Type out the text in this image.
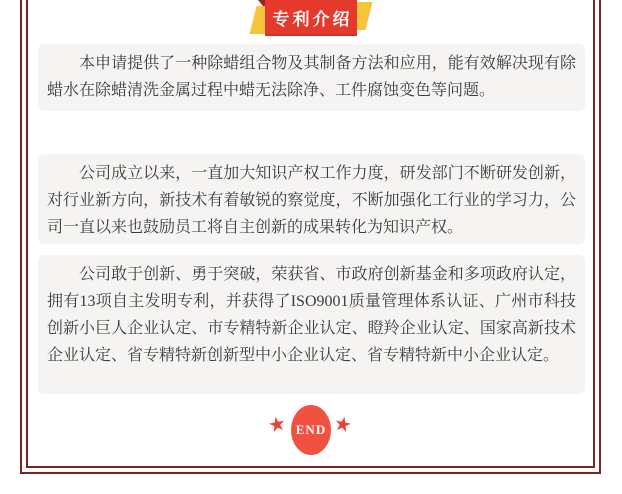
专利介绍

本申请提供了一种除蜡组合物及其制备方法和应用，能有效解决现有除蜡水在除蜡清洗金属过程中蜡无法除净、工件腐蚀变色等问题。

公司成立以来，一直加大知识产权工作力度，研发部门不断研发创新，对行业新方向，新技术有着敏锐的察觉度，不断加强化工行业的学习力，公司一直以来也鼓励员工将自主创新的成果转化为知识产权。

公司敢于创新、勇于突破，荣获省、市政府创新基金和多项政府认定，拥有13项自主发明专利，并获得了ISO9001质量管理体系认证、广州市科技创新小巨人企业认定、市专精特新企业认定、瞪羚企业认定、国家高新技术企业认定、省专精特新创新型中小企业认定、省专精特新中小企业认定。

★ END ★
